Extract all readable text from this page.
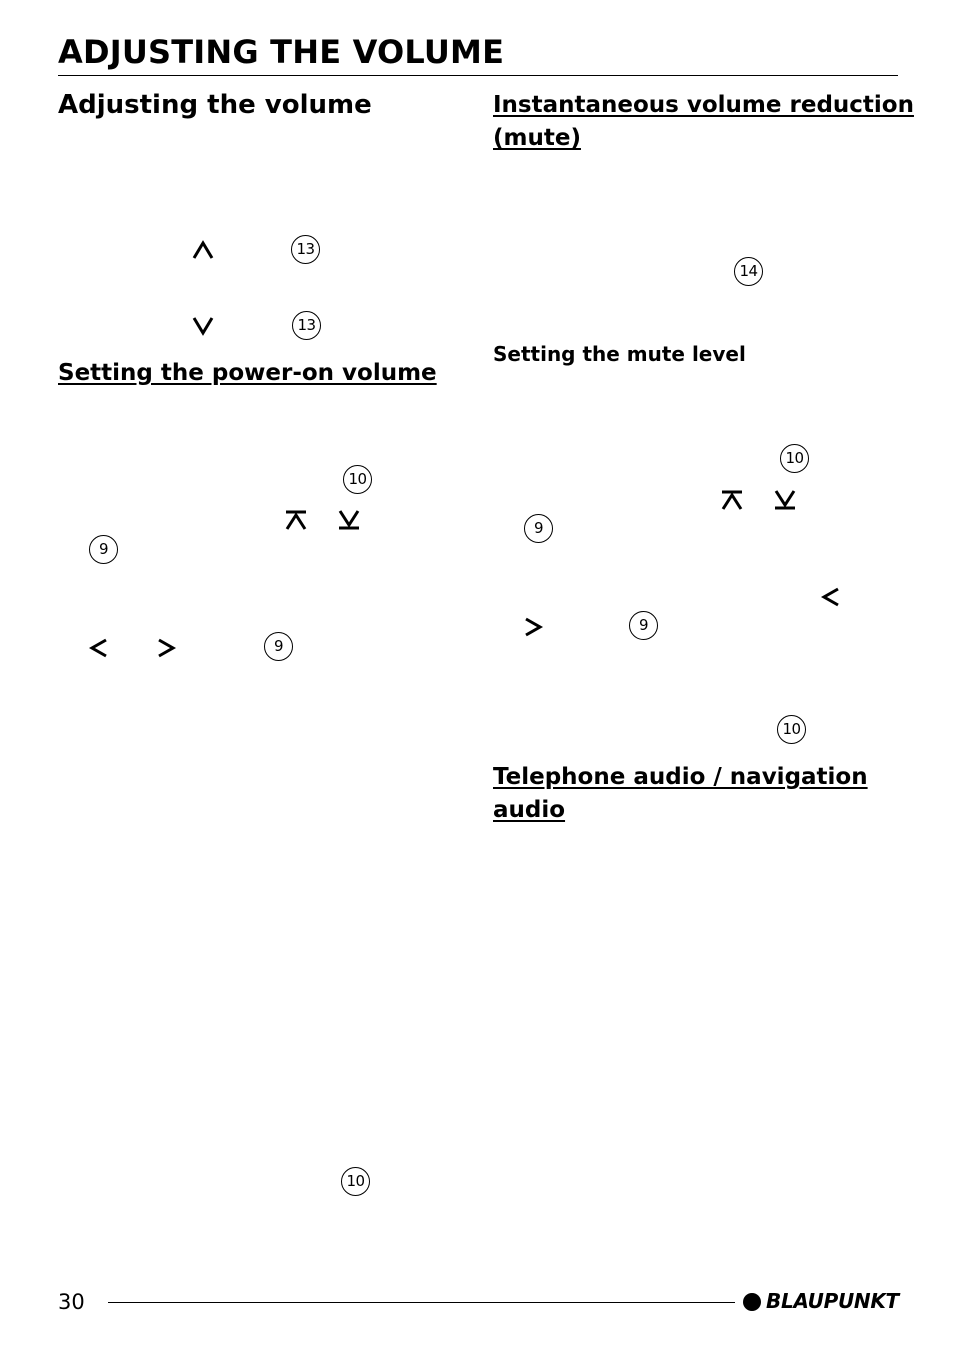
ADJUSTING THE VOLUME
Adjusting the volume
13
13
Setting the power-on volume
10
9
9
10
Instantaneous volume reduction
(mute)
14
Setting the mute level
10
9
9
10
Telephone audio / navigation
audio
30	BLAUPUNKT
